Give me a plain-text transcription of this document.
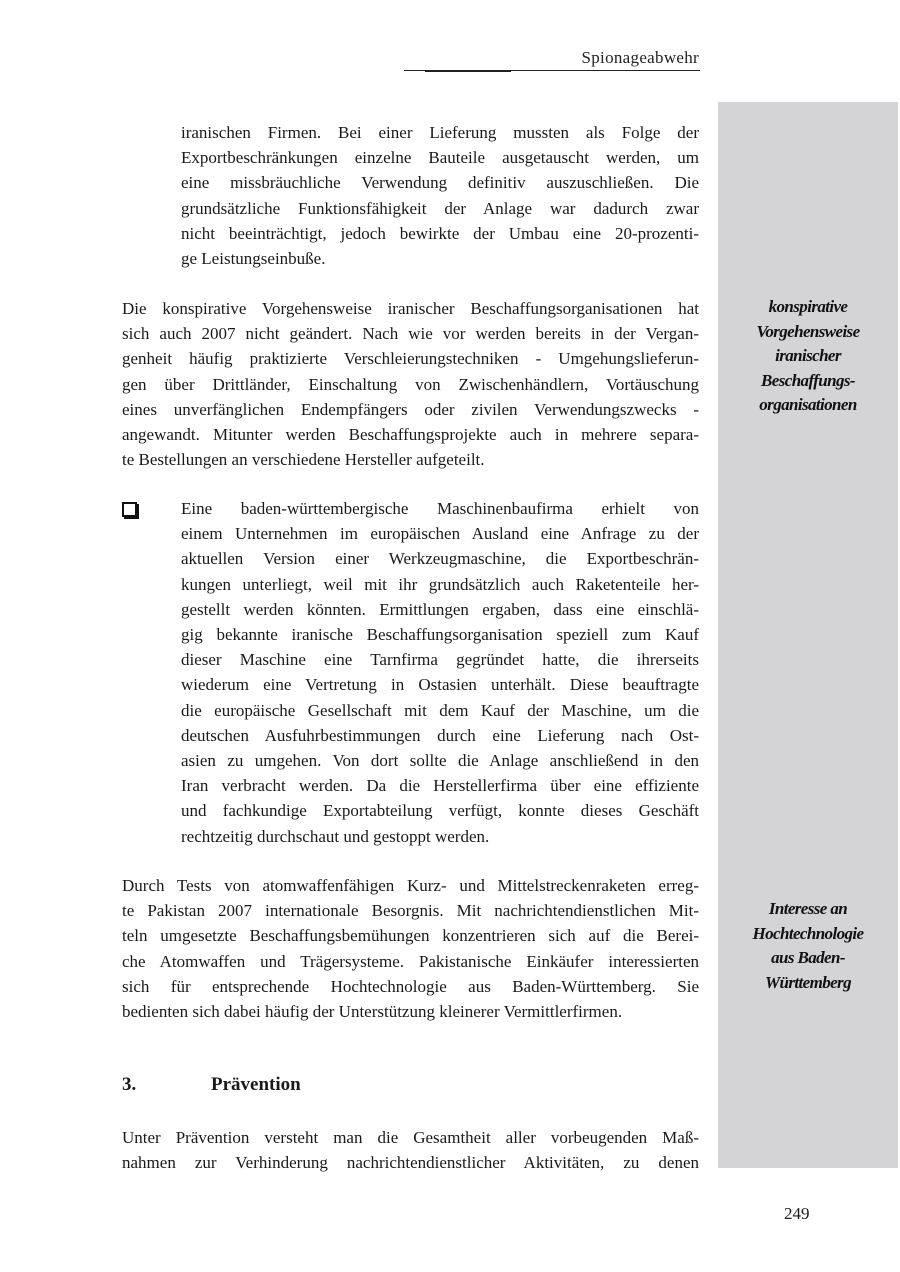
Spionageabwehr
konspirative
Vorgehensweise
iranischer
Beschaffungs-
organisationen
Interesse an
Hochtechnologie
aus Baden-
Württemberg
iranischen Firmen. Bei einer Lieferung mussten als Folge der
Exportbeschränkungen einzelne Bauteile ausgetauscht werden, um
eine missbräuchliche Verwendung definitiv auszuschließen. Die
grundsätzliche Funktionsfähigkeit der Anlage war dadurch zwar
nicht beeinträchtigt, jedoch bewirkte der Umbau eine 20-prozenti-
ge Leistungseinbuße.
Die konspirative Vorgehensweise iranischer Beschaffungsorganisationen hat
sich auch 2007 nicht geändert. Nach wie vor werden bereits in der Vergan-
genheit häufig praktizierte Verschleierungstechniken - Umgehungslieferun-
gen über Drittländer, Einschaltung von Zwischenhändlern, Vortäuschung
eines unverfänglichen Endempfängers oder zivilen Verwendungszwecks -
angewandt. Mitunter werden Beschaffungsprojekte auch in mehrere separa-
te Bestellungen an verschiedene Hersteller aufgeteilt.
Eine baden-württembergische Maschinenbaufirma erhielt von
einem Unternehmen im europäischen Ausland eine Anfrage zu der
aktuellen Version einer Werkzeugmaschine, die Exportbeschrän-
kungen unterliegt, weil mit ihr grundsätzlich auch Raketenteile her-
gestellt werden könnten. Ermittlungen ergaben, dass eine einschlä-
gig bekannte iranische Beschaffungsorganisation speziell zum Kauf
dieser Maschine eine Tarnfirma gegründet hatte, die ihrerseits
wiederum eine Vertretung in Ostasien unterhält. Diese beauftragte
die europäische Gesellschaft mit dem Kauf der Maschine, um die
deutschen Ausfuhrbestimmungen durch eine Lieferung nach Ost-
asien zu umgehen. Von dort sollte die Anlage anschließend in den
Iran verbracht werden. Da die Herstellerfirma über eine effiziente
und fachkundige Exportabteilung verfügt, konnte dieses Geschäft
rechtzeitig durchschaut und gestoppt werden.
Durch Tests von atomwaffenfähigen Kurz- und Mittelstreckenraketen erreg-
te Pakistan 2007 internationale Besorgnis. Mit nachrichtendienstlichen Mit-
teln umgesetzte Beschaffungsbemühungen konzentrieren sich auf die Berei-
che Atomwaffen und Trägersysteme. Pakistanische Einkäufer interessierten
sich für entsprechende Hochtechnologie aus Baden-Württemberg. Sie
bedienten sich dabei häufig der Unterstützung kleinerer Vermittlerfirmen.
3.	Prävention
Unter Prävention versteht man die Gesamtheit aller vorbeugenden Maß-
nahmen zur Verhinderung nachrichtendienstlicher Aktivitäten, zu denen
249
